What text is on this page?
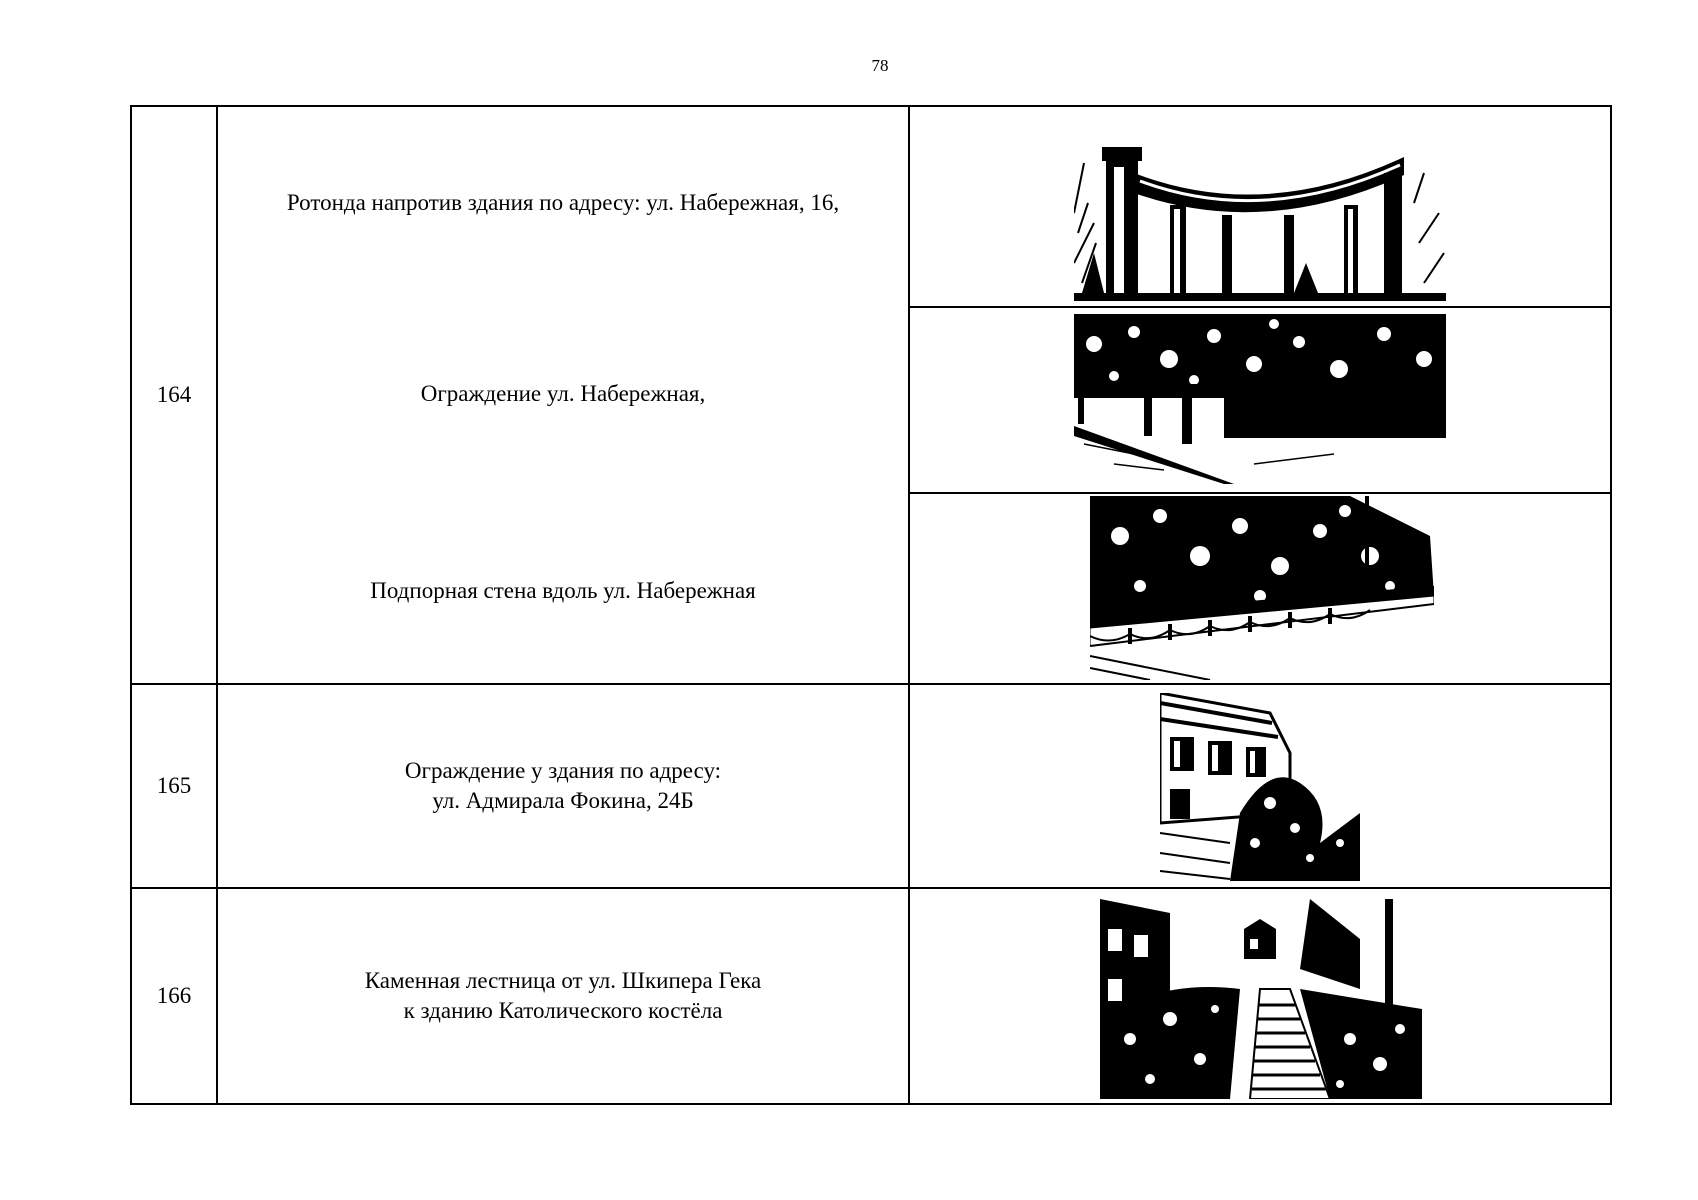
78
164	Ротонда напротив здания по адресу: ул. Набережная, 16,
Ограждение ул. Набережная,
Подпорная стена вдоль ул. Набережная

165	Ограждение у здания по адресу:
ул. Адмирала Фокина, 24Б

166	Каменная лестница от ул. Шкипера Гека
к зданию Католического костёла
